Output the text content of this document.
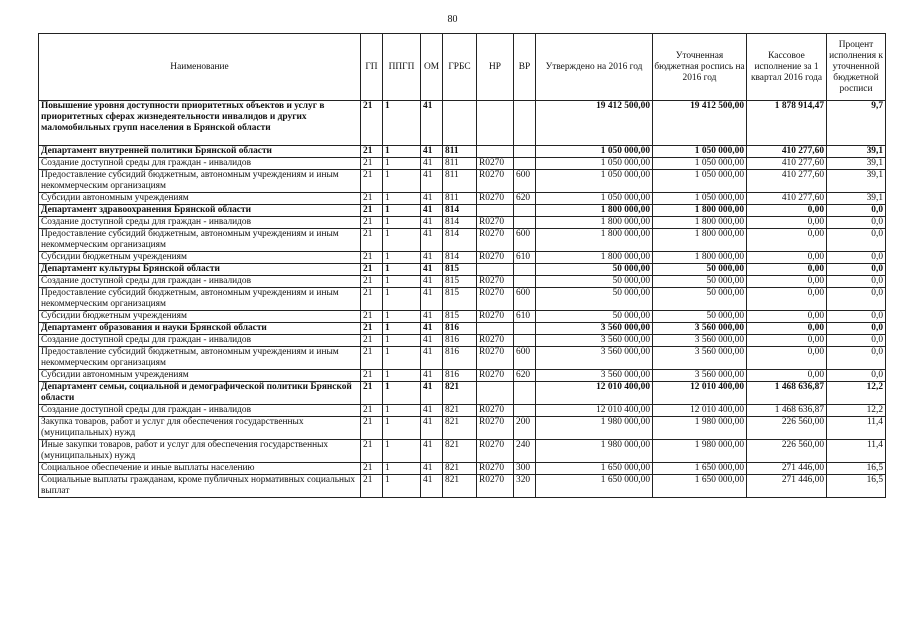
80
Наименование	ГП	ППГП	ОМ	ГРБС	НР	ВР	Утверждено на 2016 год	Уточненная бюджетная роспись на 2016 год	Кассовое исполнение за 1 квартал 2016 года	Процент исполнения к уточненной бюджетной росписи
Повышение уровня доступности приоритетных объектов и услуг в приоритетных сферах жизнедеятельности инвалидов и других маломобильных групп населения в Брянской области	21	1	41				19 412 500,00	19 412 500,00	1 878 914,47	9,7
Департамент внутренней политики Брянской области	21	1	41	811			1 050 000,00	1 050 000,00	410 277,60	39,1
Создание доступной среды для граждан - инвалидов	21	1	41	811	R0270		1 050 000,00	1 050 000,00	410 277,60	39,1
Предоставление субсидий бюджетным, автономным учреждениям и иным некоммерческим организациям	21	1	41	811	R0270	600	1 050 000,00	1 050 000,00	410 277,60	39,1
Субсидии автономным учреждениям	21	1	41	811	R0270	620	1 050 000,00	1 050 000,00	410 277,60	39,1
Департамент здравоохранения Брянской области	21	1	41	814			1 800 000,00	1 800 000,00	0,00	0,0
Создание доступной среды для граждан - инвалидов	21	1	41	814	R0270		1 800 000,00	1 800 000,00	0,00	0,0
Предоставление субсидий бюджетным, автономным учреждениям и иным некоммерческим организациям	21	1	41	814	R0270	600	1 800 000,00	1 800 000,00	0,00	0,0
Субсидии бюджетным учреждениям	21	1	41	814	R0270	610	1 800 000,00	1 800 000,00	0,00	0,0
Департамент культуры Брянской области	21	1	41	815			50 000,00	50 000,00	0,00	0,0
Создание доступной среды для граждан - инвалидов	21	1	41	815	R0270		50 000,00	50 000,00	0,00	0,0
Предоставление субсидий бюджетным, автономным учреждениям и иным некоммерческим организациям	21	1	41	815	R0270	600	50 000,00	50 000,00	0,00	0,0
Субсидии бюджетным учреждениям	21	1	41	815	R0270	610	50 000,00	50 000,00	0,00	0,0
Департамент образования и науки Брянской области	21	1	41	816			3 560 000,00	3 560 000,00	0,00	0,0
Создание доступной среды для граждан - инвалидов	21	1	41	816	R0270		3 560 000,00	3 560 000,00	0,00	0,0
Предоставление субсидий бюджетным, автономным учреждениям и иным некоммерческим организациям	21	1	41	816	R0270	600	3 560 000,00	3 560 000,00	0,00	0,0
Субсидии автономным учреждениям	21	1	41	816	R0270	620	3 560 000,00	3 560 000,00	0,00	0,0
Департамент семьи, социальной и демографической политики Брянской области	21	1	41	821			12 010 400,00	12 010 400,00	1 468 636,87	12,2
Создание доступной среды для граждан - инвалидов	21	1	41	821	R0270		12 010 400,00	12 010 400,00	1 468 636,87	12,2
Закупка товаров, работ и услуг для обеспечения государственных (муниципальных) нужд	21	1	41	821	R0270	200	1 980 000,00	1 980 000,00	226 560,00	11,4
Иные закупки товаров, работ и услуг для обеспечения государственных (муниципальных) нужд	21	1	41	821	R0270	240	1 980 000,00	1 980 000,00	226 560,00	11,4
Социальное обеспечение и иные выплаты населению	21	1	41	821	R0270	300	1 650 000,00	1 650 000,00	271 446,00	16,5
Социальные выплаты гражданам, кроме публичных нормативных социальных выплат	21	1	41	821	R0270	320	1 650 000,00	1 650 000,00	271 446,00	16,5
